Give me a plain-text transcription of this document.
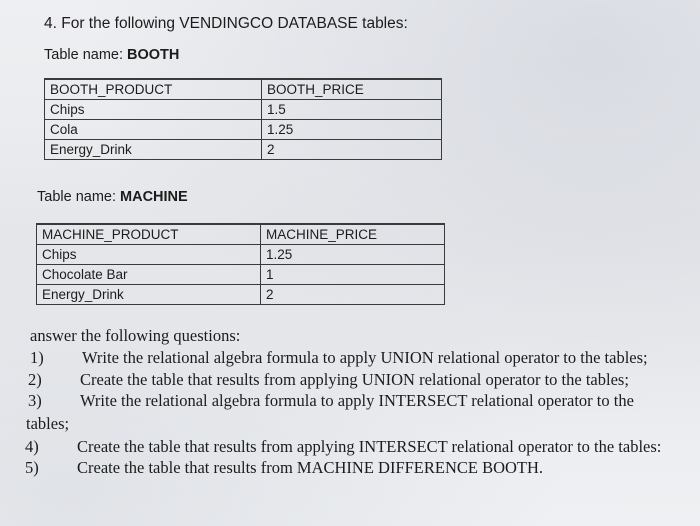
4. For the following VENDINGCO DATABASE tables:
Table name: BOOTH
BOOTH_PRODUCT	BOOTH_PRICE
Chips	1.5
Cola	1.25
Energy_Drink	2
Table name: MACHINE
MACHINE_PRODUCT	MACHINE_PRICE
Chips	1.25
Chocolate Bar	1
Energy_Drink	2
answer the following questions:
1) Write the relational algebra formula to apply UNION relational operator to the tables;
2) Create the table that results from applying UNION relational operator to the tables;
3) Write the relational algebra formula to apply INTERSECT relational operator to the
tables;
4) Create the table that results from applying INTERSECT relational operator to the tables:
5) Create the table that results from MACHINE DIFFERENCE BOOTH.
